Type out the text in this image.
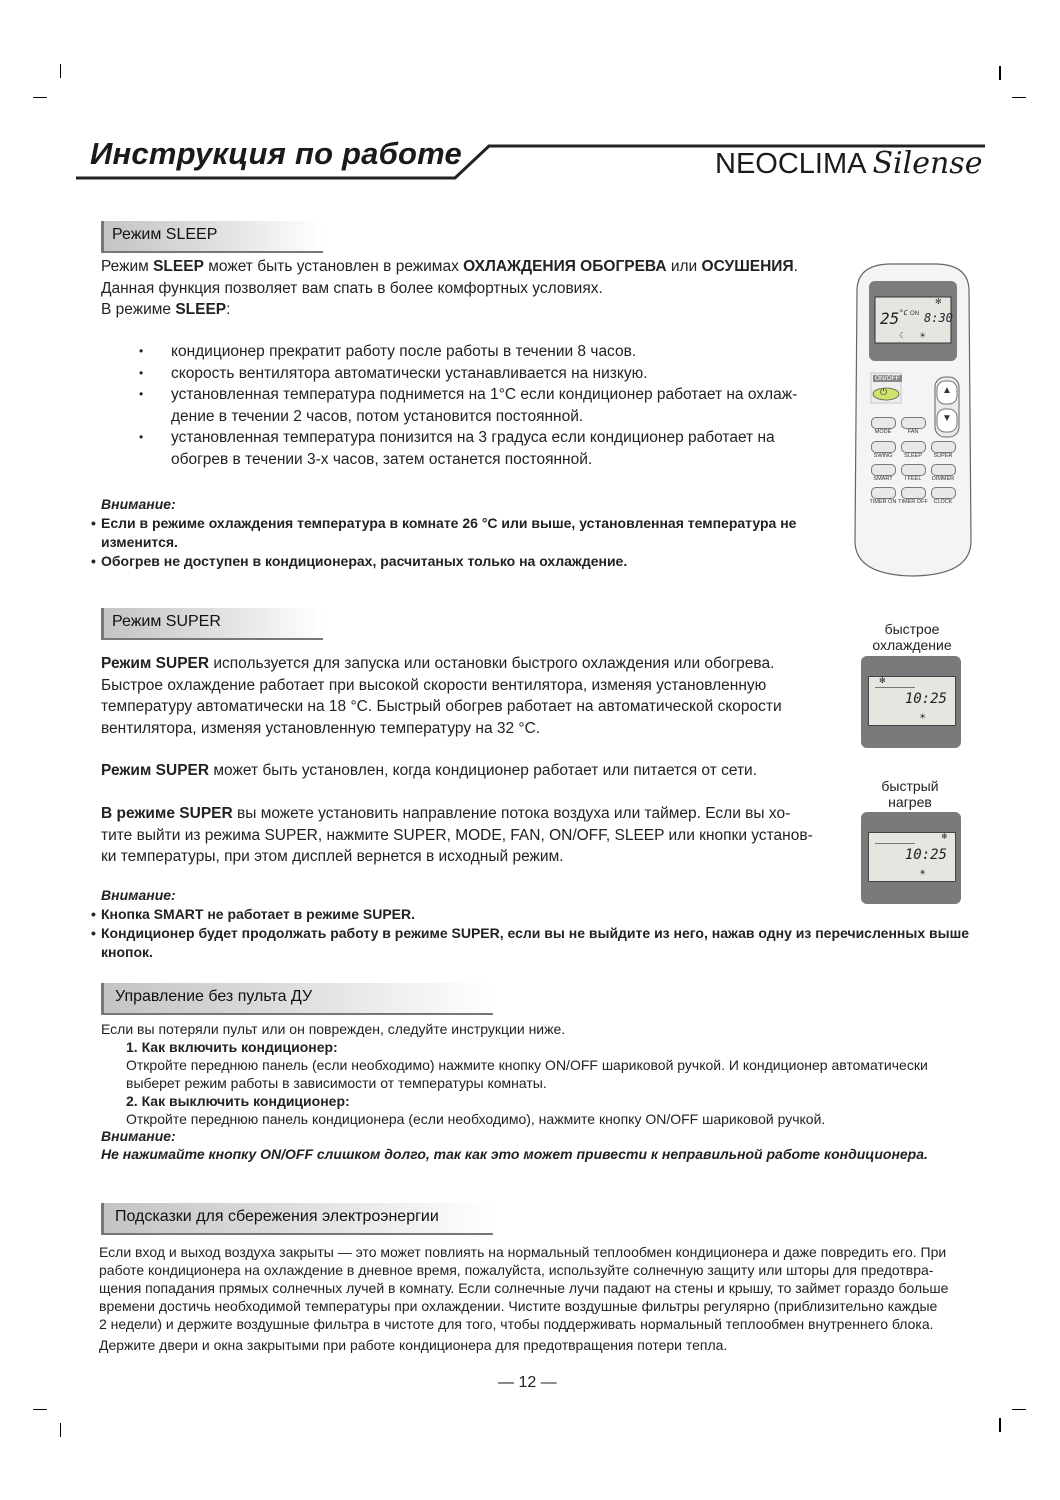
Инструкция по работе	NEOCLIMA Silense
Режим SLEEP
Режим SLEEP может быть установлен в режимах ОХЛАЖДЕНИЯ ОБОГРЕВА или ОСУШЕНИЯ.
Данная функция позволяет вам спать в более комфортных условиях.
В режиме SLEEP:
• кондиционер прекратит работу после работы в течении 8 часов.
• скорость вентилятора автоматически устанавливается на низкую.
• установленная температура поднимется на 1°С если кондиционер работает на охлаж-
дение в течении 2 часов, потом установится постоянной.
• установленная температура понизится на 3 градуса если кондиционер работает на
обогрев в течении 3-х часов, затем останется постоянной.
Внимание:
• Если в режиме охлаждения температура в комнате 26 °С или выше, установленная температура не
изменится.
• Обогрев не доступен в кондиционерах, расчитаных только на охлаждение.
$25^{^\circ C}$ ON 8:30
✻
☾ ☀
ON/OFF
⏻	▲
▼
MODE	FAN
SWING	SLEEP	SUPER
SMART	I FEEL	DIMMER
TIMER ON TIMER OFF	CLOCK
Режим SUPER
Режим SUPER используется для запуска или остановки быстрого охлаждения или обогрева.
Быстрое охлаждение работает при высокой скорости вентилятора, изменяя установленную
температуру автоматически на 18 °С. Быстрый обогрев работает на автоматической скорости
вентилятора, изменяя установленную температуру на 32 °С.
Режим SUPER может быть установлен, когда кондиционер работает или питается от сети.
В режиме SUPER вы можете установить направление потока воздуха или таймер. Если вы хо-
тите выйти из режима SUPER, нажмите SUPER, MODE, FAN, ON/OFF, SLEEP или кнопки установ-
ки температуры, при этом дисплей вернется в исходный режим.
Внимание:
• Кнопка SMART не работает в режиме SUPER.
• Кондиционер будет продолжать работу в режиме SUPER, если вы не выйдите из него, нажав одну из перечисленных выше кнопок.
быстрое
охлаждение
✻
10:25
☀
быстрый
нагрев
❄
10:25
☀
Управление без пульта ДУ
Если вы потеряли пульт или он поврежден, следуйте инструкции ниже.
1. Как включить кондиционер:
Откройте переднюю панель (если необходимо) нажмите кнопку ON/OFF шариковой ручкой. И кондиционер автоматически
выберет режим работы в зависимости от температуры комнаты.
2. Как выключить кондиционер:
Откройте переднюю панель кондиционера (если необходимо), нажмите кнопку ON/OFF шариковой ручкой.
Внимание:
Не нажимайте кнопку ON/OFF слишком долго, так как это может привести к неправильной работе кондиционера.
Подсказки для сбережения электроэнергии
Если вход и выход воздуха закрыты — это может повлиять на нормальный теплообмен кондиционера и даже повредить его. При
работе кондиционера на охлаждение в дневное время, пожалуйста, используйте солнечную защиту или шторы для предотвра-
щения попадания прямых солнечных лучей в комнату. Если солнечные лучи падают на стены и крышу, то займет гораздо больше
времени достичь необходимой температуры при охлаждении. Чистите воздушные фильтры регулярно (приблизительно каждые
2 недели) и держите воздушные фильтра в чистоте для того, чтобы поддерживать нормальный теплообмен внутреннего блока.
Держите двери и окна закрытыми при работе кондиционера для предотвращения потери тепла.
— 12 —
